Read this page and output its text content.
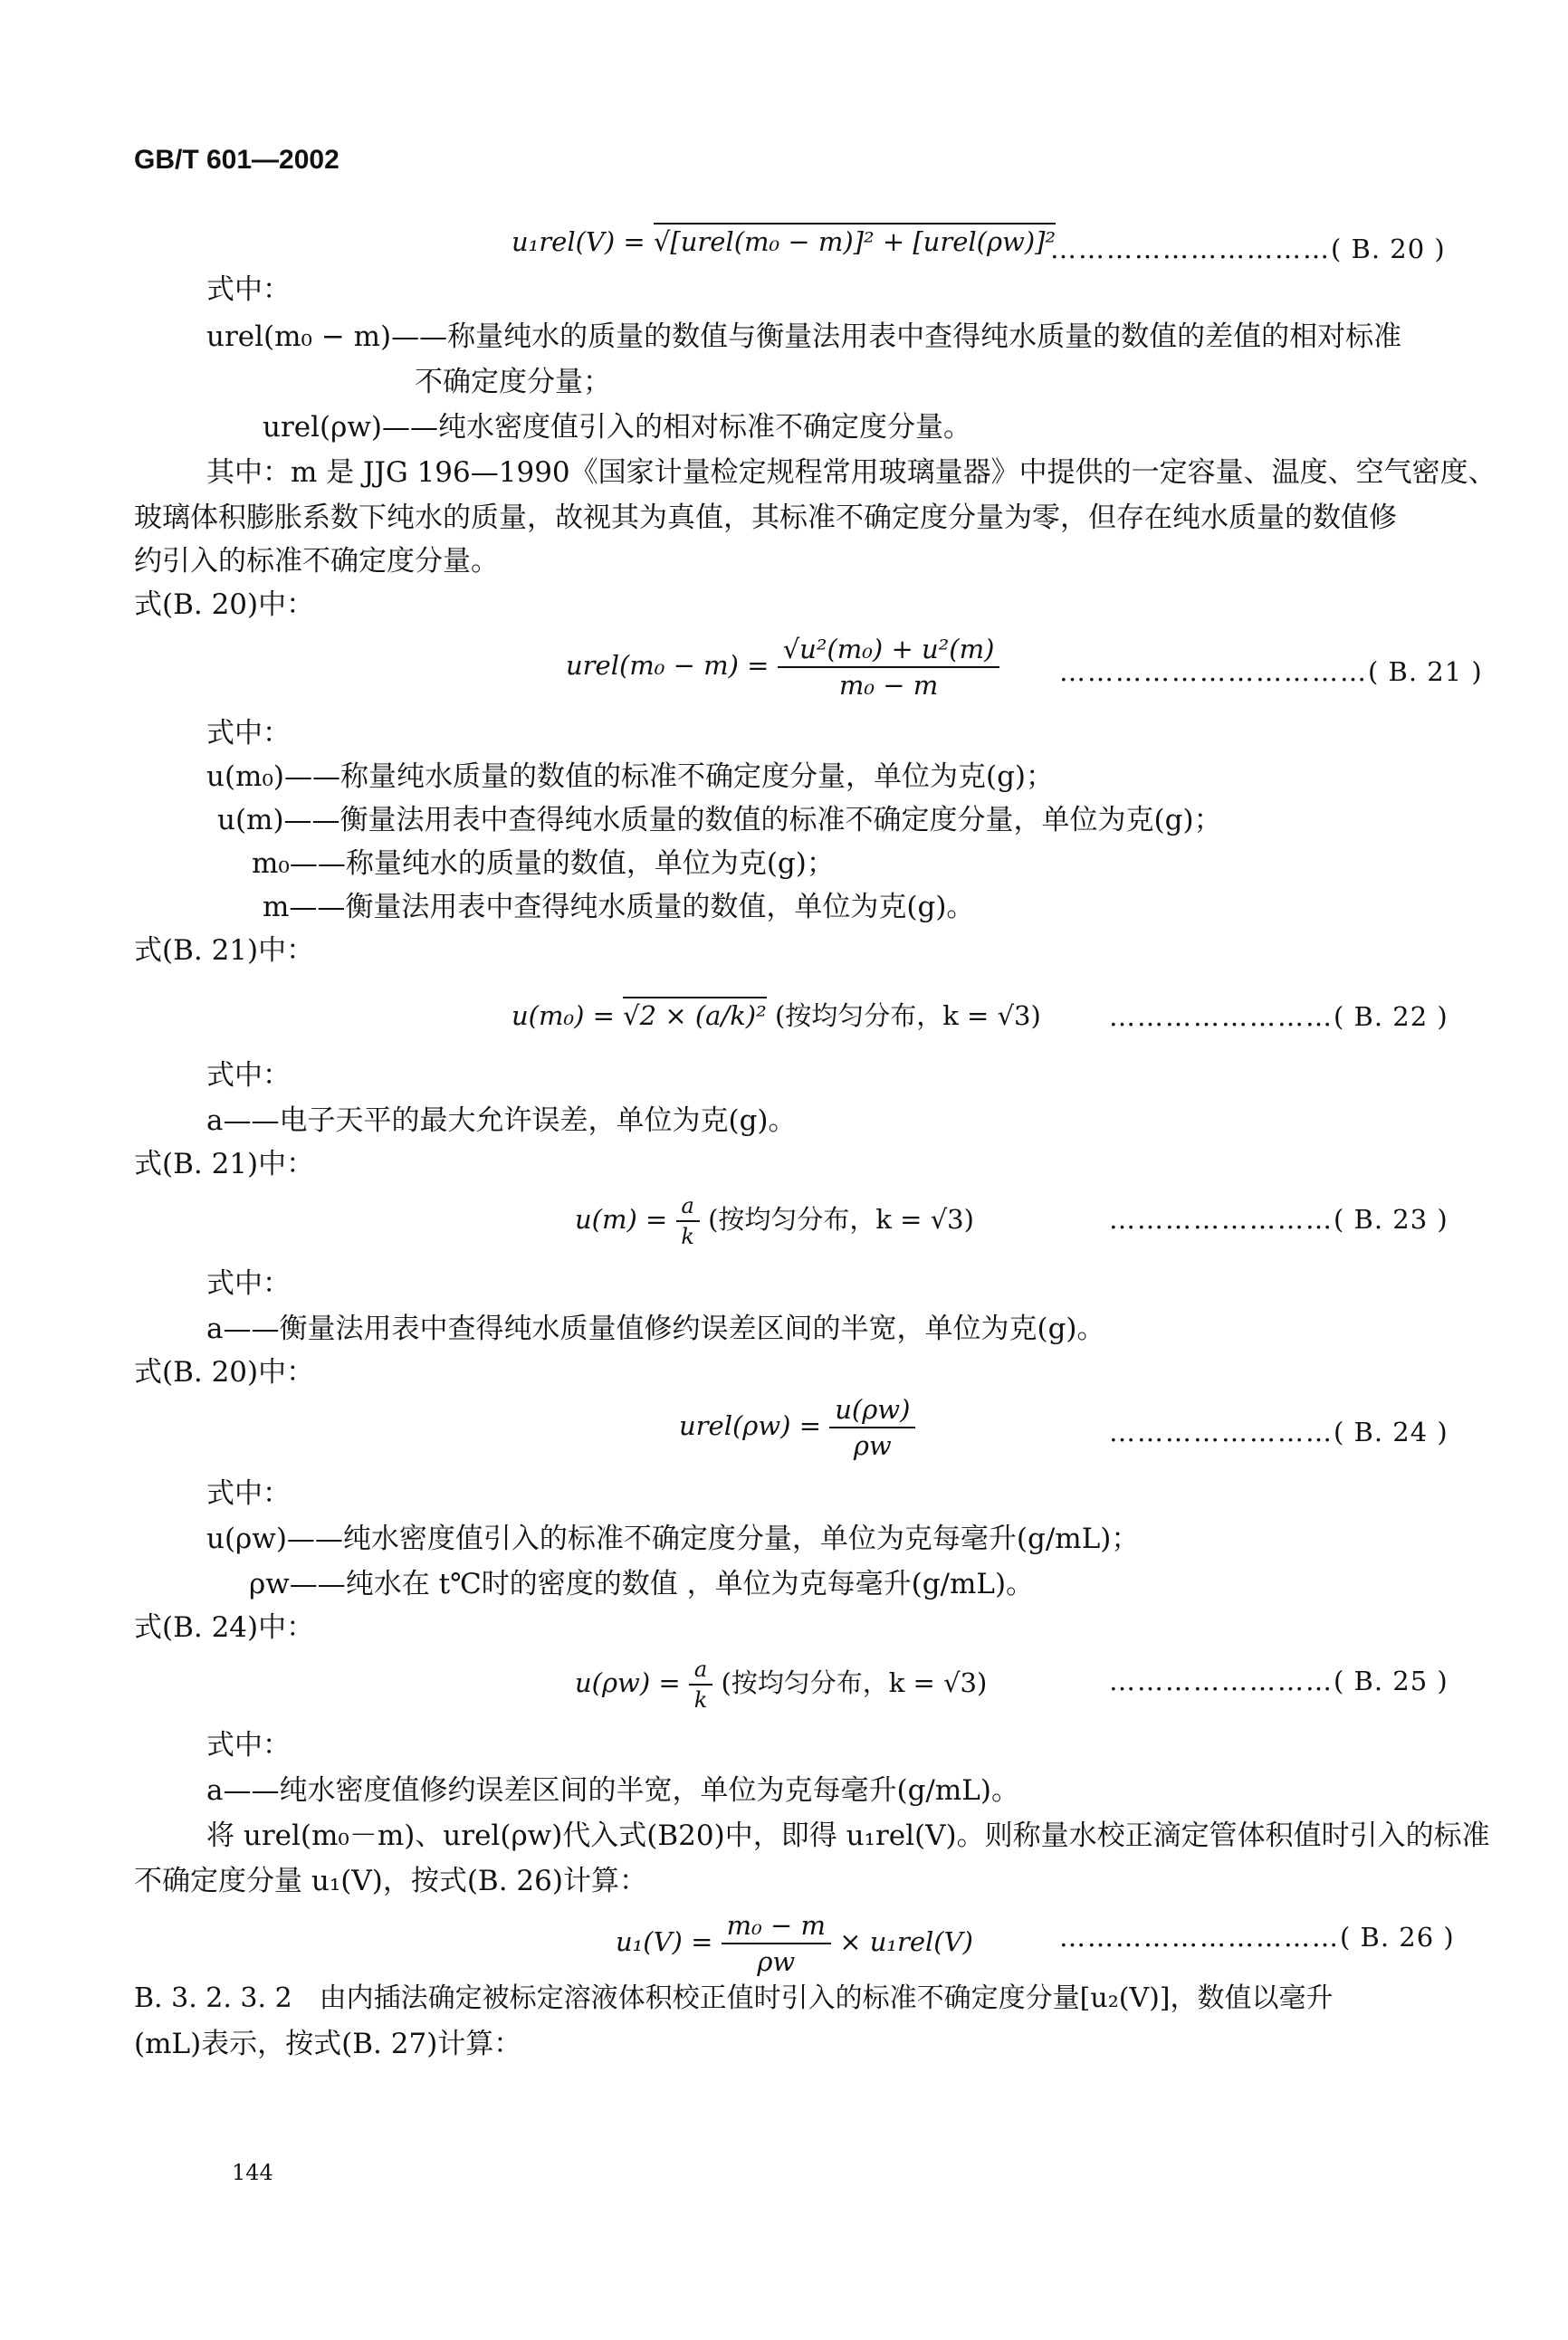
GB/T 601—2002
u₁rel(V) = √[urel(m₀ − m)]² + [urel(ρw)]²
…………………………( B. 20 )
式中：
urel(m₀ − m)——称量纯水的质量的数值与衡量法用表中查得纯水质量的数值的差值的相对标准
不确定度分量；
urel(ρw)——纯水密度值引入的相对标准不确定度分量。
其中：m 是 JJG 196—1990《国家计量检定规程常用玻璃量器》中提供的一定容量、温度、空气密度、
玻璃体积膨胀系数下纯水的质量，故视其为真值，其标准不确定度分量为零，但存在纯水质量的数值修
约引入的标准不确定度分量。
式(B. 20)中：
urel(m₀ − $m) = \frac{\text{√u²(m₀) + u²(m)}}{\text{m₀ − m}}$ ……………………………( B. 21 )
式中：
u(m₀)——称量纯水质量的数值的标准不确定度分量，单位为克(g)；
u(m)——衡量法用表中查得纯水质量的数值的标准不确定度分量，单位为克(g)；
m₀——称量纯水的质量的数值，单位为克(g)；
m——衡量法用表中查得纯水质量的数值，单位为克(g)。
式(B. 21)中：
u(m₀) = √2 × (a/k)² (按均匀分布，k = √3)	……………………( B. 22 )
式中：
a——电子天平的最大允许误差，单位为克(g)。
式(B. 21)中：
$u(m) = \frac{a}{k}$ (按均匀分布，k = √3)	……………………( B. 23 )
式中：
a——衡量法用表中查得纯水质量值修约误差区间的半宽，单位为克(g)。
式(B. 20)中：
urel(ρw) = $\frac{u(\rho w)}{\rho w}$	……………………( B. 24 )
式中：
u(ρw)——纯水密度值引入的标准不确定度分量，单位为克每毫升(g/mL)；
ρw——纯水在 t℃时的密度的数值 ，单位为克每毫升(g/mL)。
式(B. 24)中：
$u(\rho w) = \frac{a}{k}$ (按均匀分布，k = √3)	……………………( B. 25 )
式中：
a——纯水密度值修约误差区间的半宽，单位为克每毫升(g/mL)。
将 urel(m₀－m)、urel(ρw)代入式(B20)中，即得 u₁rel(V)。则称量水校正滴定管体积值时引入的标准
不确定度分量 u₁(V)，按式(B. 26)计算：
$u_1(V) = \frac{\text{m₀ − m}}{\rho w} \times u_1rel(V)$	…………………………( B. 26 )
B. 3. 2. 3. 2　由内插法确定被标定溶液体积校正值时引入的标准不确定度分量[u₂(V)]，数值以毫升
(mL)表示，按式(B. 27)计算：
144
